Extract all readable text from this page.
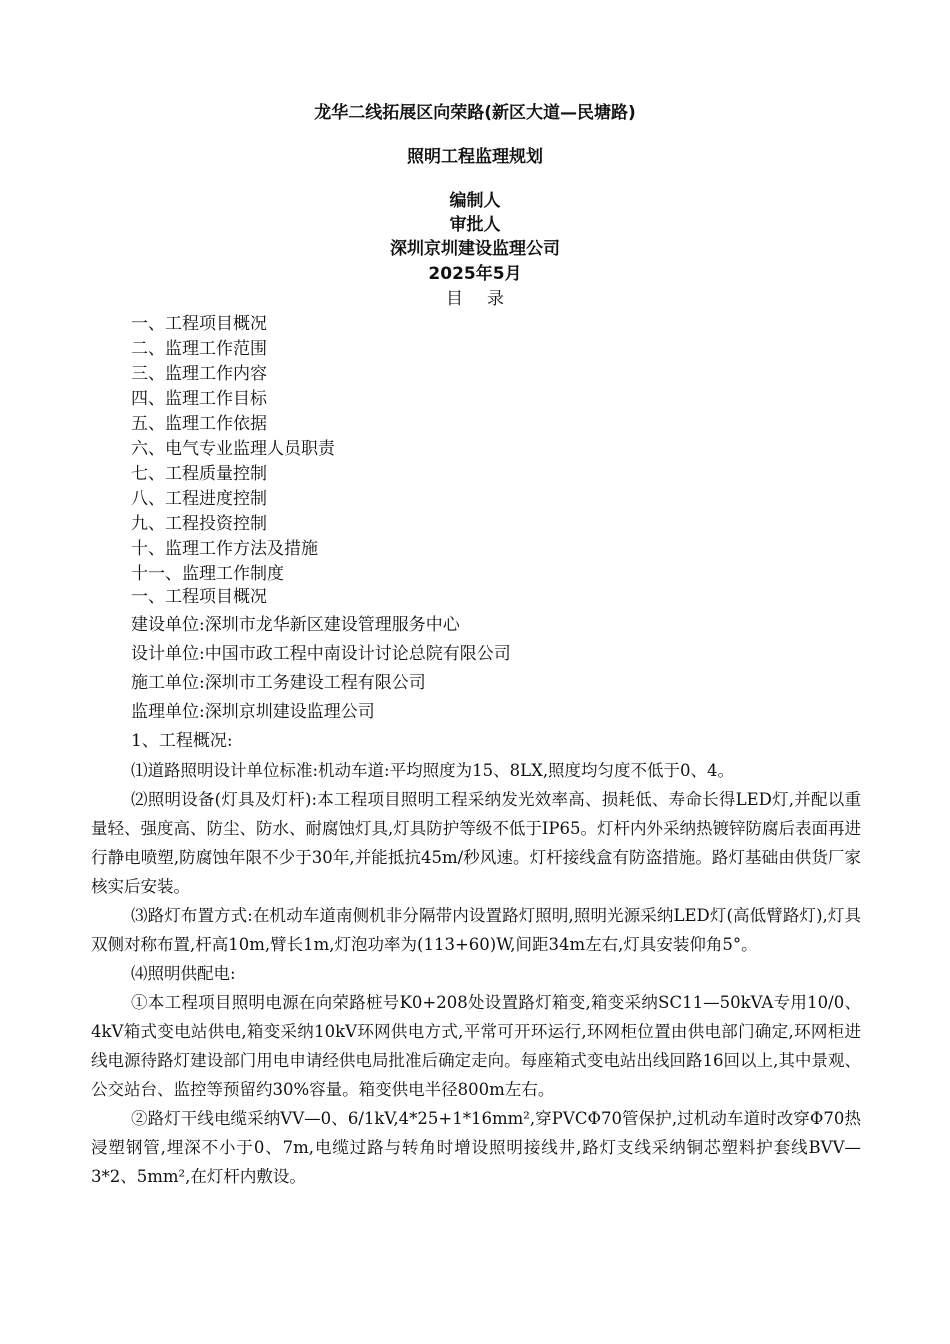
龙华二线拓展区向荣路(新区大道—民塘路)
照明工程监理规划
编制人
审批人
深圳京圳建设监理公司
2025年5月
目录
一、工程项目概况
二、监理工作范围
三、监理工作内容
四、监理工作目标
五、监理工作依据
六、电气专业监理人员职责
七、工程质量控制
八、工程进度控制
九、工程投资控制
十、监理工作方法及措施
十一、监理工作制度
一、工程项目概况
建设单位:深圳市龙华新区建设管理服务中心
设计单位:中国市政工程中南设计讨论总院有限公司
施工单位:深圳市工务建设工程有限公司
监理单位:深圳京圳建设监理公司
1、工程概况:

⑴道路照明设计单位标准:机动车道:平均照度为15、8LX,照度均匀度不低于0、4。

⑵照明设备(灯具及灯杆):本工程项目照明工程采纳发光效率高、损耗低、寿命长得LED灯,并配以重量轻、强度高、防尘、防水、耐腐蚀灯具,灯具防护等级不低于IP65。灯杆内外采纳热镀锌防腐后表面再进行静电喷塑,防腐蚀年限不少于30年,并能抵抗45m/秒风速。灯杆接线盒有防盗措施。路灯基础由供货厂家核实后安装。

⑶路灯布置方式:在机动车道南侧机非分隔带内设置路灯照明,照明光源采纳LED灯(高低臂路灯),灯具双侧对称布置,杆高10m,臂长1m,灯泡功率为(113+60)W,间距34m左右,灯具安装仰角5°。

⑷照明供配电:

①本工程项目照明电源在向荣路桩号K0+208处设置路灯箱变,箱变采纳SC11—50kVA专用10/0、4kV箱式变电站供电,箱变采纳10kV环网供电方式,平常可开环运行,环网柜位置由供电部门确定,环网柜进线电源待路灯建设部门用电申请经供电局批准后确定走向。每座箱式变电站出线回路16回以上,其中景观、公交站台、监控等预留约30%容量。箱变供电半径800m左右。

②路灯干线电缆采纳VV—0、6/1kV,4*25+1*16mm²,穿PVCΦ70管保护,过机动车道时改穿Φ70热浸塑钢管,埋深不小于0、7m,电缆过路与转角时增设照明接线井,路灯支线采纳铜芯塑料护套线BVV—3*2、5mm²,在灯杆内敷设。
